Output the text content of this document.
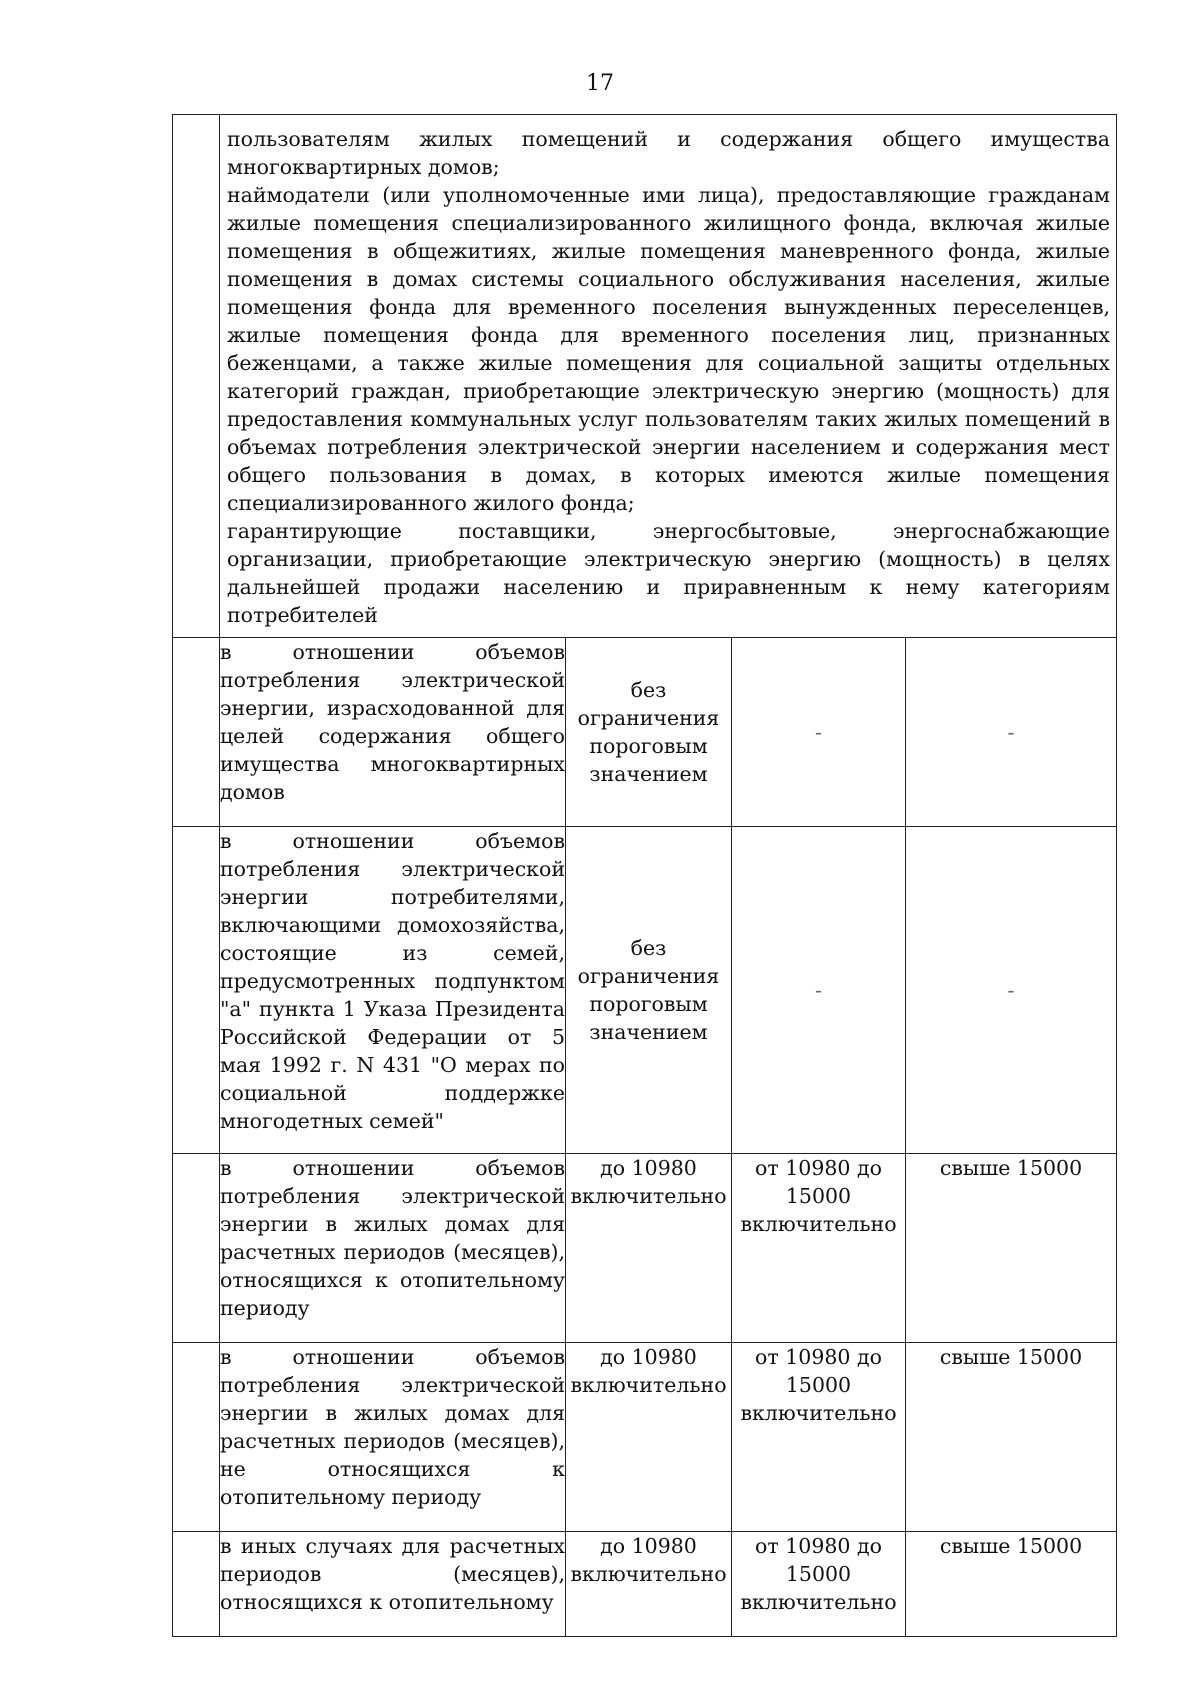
17

	пользователям жилых помещений и содержания общего имущества многоквартирных домов;

наймодатели (или уполномоченные ими лица), предоставляющие гражданам жилые помещения специализированного жилищного фонда, включая жилые помещения в общежитиях, жилые помещения маневренного фонда, жилые помещения в домах системы социального обслуживания населения, жилые помещения фонда для временного поселения вынужденных переселенцев, жилые помещения фонда для временного поселения лиц, признанных беженцами, а также жилые помещения для социальной защиты отдельных категорий граждан, приобретающие электрическую энергию (мощность) для предоставления коммунальных услуг пользователям таких жилых помещений в объемах потребления электрической энергии населением и содержания мест общего пользования в домах, в которых имеются жилые помещения специализированного жилого фонда;

гарантирующие поставщики, энергосбытовые, энергоснабжающие организации, приобретающие электрическую энергию (мощность) в целях дальнейшей продажи населению и приравненным к нему категориям потребителей			

	в отношении объемов потребления электрической энергии, израсходованной для целей содержания общего имущества многоквартирных домов	без ограничения пороговым значением	-	-
	в отношении объемов потребления электрической энергии потребителями, включающими домохозяйства, состоящие из семей, предусмотренных подпунктом "а" пункта 1 Указа Президента Российской Федерации от 5 мая 1992 г. N 431 "О мерах по социальной поддержке многодетных семей"	без ограничения пороговым значением	-	-
	в отношении объемов потребления электрической энергии в жилых домах для расчетных периодов (месяцев), относящихся к отопительному периоду	до 10980 включительно	от 10980 до 15000 включительно	свыше 15000
	в отношении объемов потребления электрической энергии в жилых домах для расчетных периодов (месяцев), не относящихся к отопительному периоду	до 10980 включительно	от 10980 до 15000 включительно	свыше 15000
	в иных случаях для расчетных периодов (месяцев), относящихся к отопительному	до 10980 включительно	от 10980 до 15000 включительно	свыше 15000
